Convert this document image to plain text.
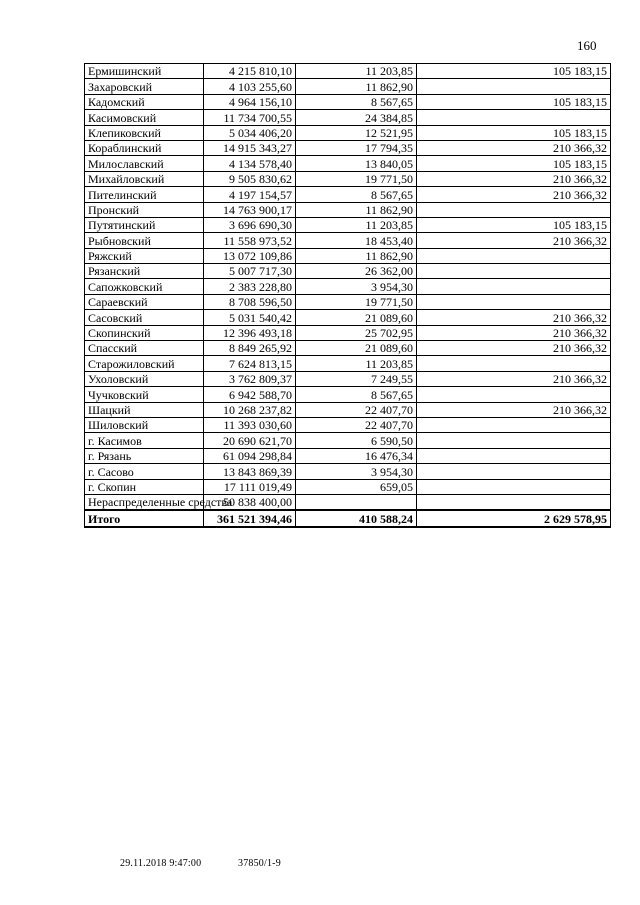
160
Ермишинский	4 215 810,10	11 203,85	105 183,15
Захаровский	4 103 255,60	11 862,90	
Кадомский	4 964 156,10	8 567,65	105 183,15
Касимовский	11 734 700,55	24 384,85	
Клепиковский	5 034 406,20	12 521,95	105 183,15
Кораблинский	14 915 343,27	17 794,35	210 366,32
Милославский	4 134 578,40	13 840,05	105 183,15
Михайловский	9 505 830,62	19 771,50	210 366,32
Пителинский	4 197 154,57	8 567,65	210 366,32
Пронский	14 763 900,17	11 862,90	
Путятинский	3 696 690,30	11 203,85	105 183,15
Рыбновский	11 558 973,52	18 453,40	210 366,32
Ряжский	13 072 109,86	11 862,90	
Рязанский	5 007 717,30	26 362,00	
Сапожковский	2 383 228,80	3 954,30	
Сараевский	8 708 596,50	19 771,50	
Сасовский	5 031 540,42	21 089,60	210 366,32
Скопинский	12 396 493,18	25 702,95	210 366,32
Спасский	8 849 265,92	21 089,60	210 366,32
Старожиловский	7 624 813,15	11 203,85	
Ухоловский	3 762 809,37	7 249,55	210 366,32
Чучковский	6 942 588,70	8 567,65	
Шацкий	10 268 237,82	22 407,70	210 366,32
Шиловский	11 393 030,60	22 407,70	
г. Касимов	20 690 621,70	6 590,50	
г. Рязань	61 094 298,84	16 476,34	
г. Сасово	13 843 869,39	3 954,30	
г. Скопин	17 111 019,49	659,05	
Нераспределенные средства	50 838 400,00		
Итого	361 521 394,46	410 588,24	2 629 578,95
29.11.2018 9:47:00	37850/1-9
